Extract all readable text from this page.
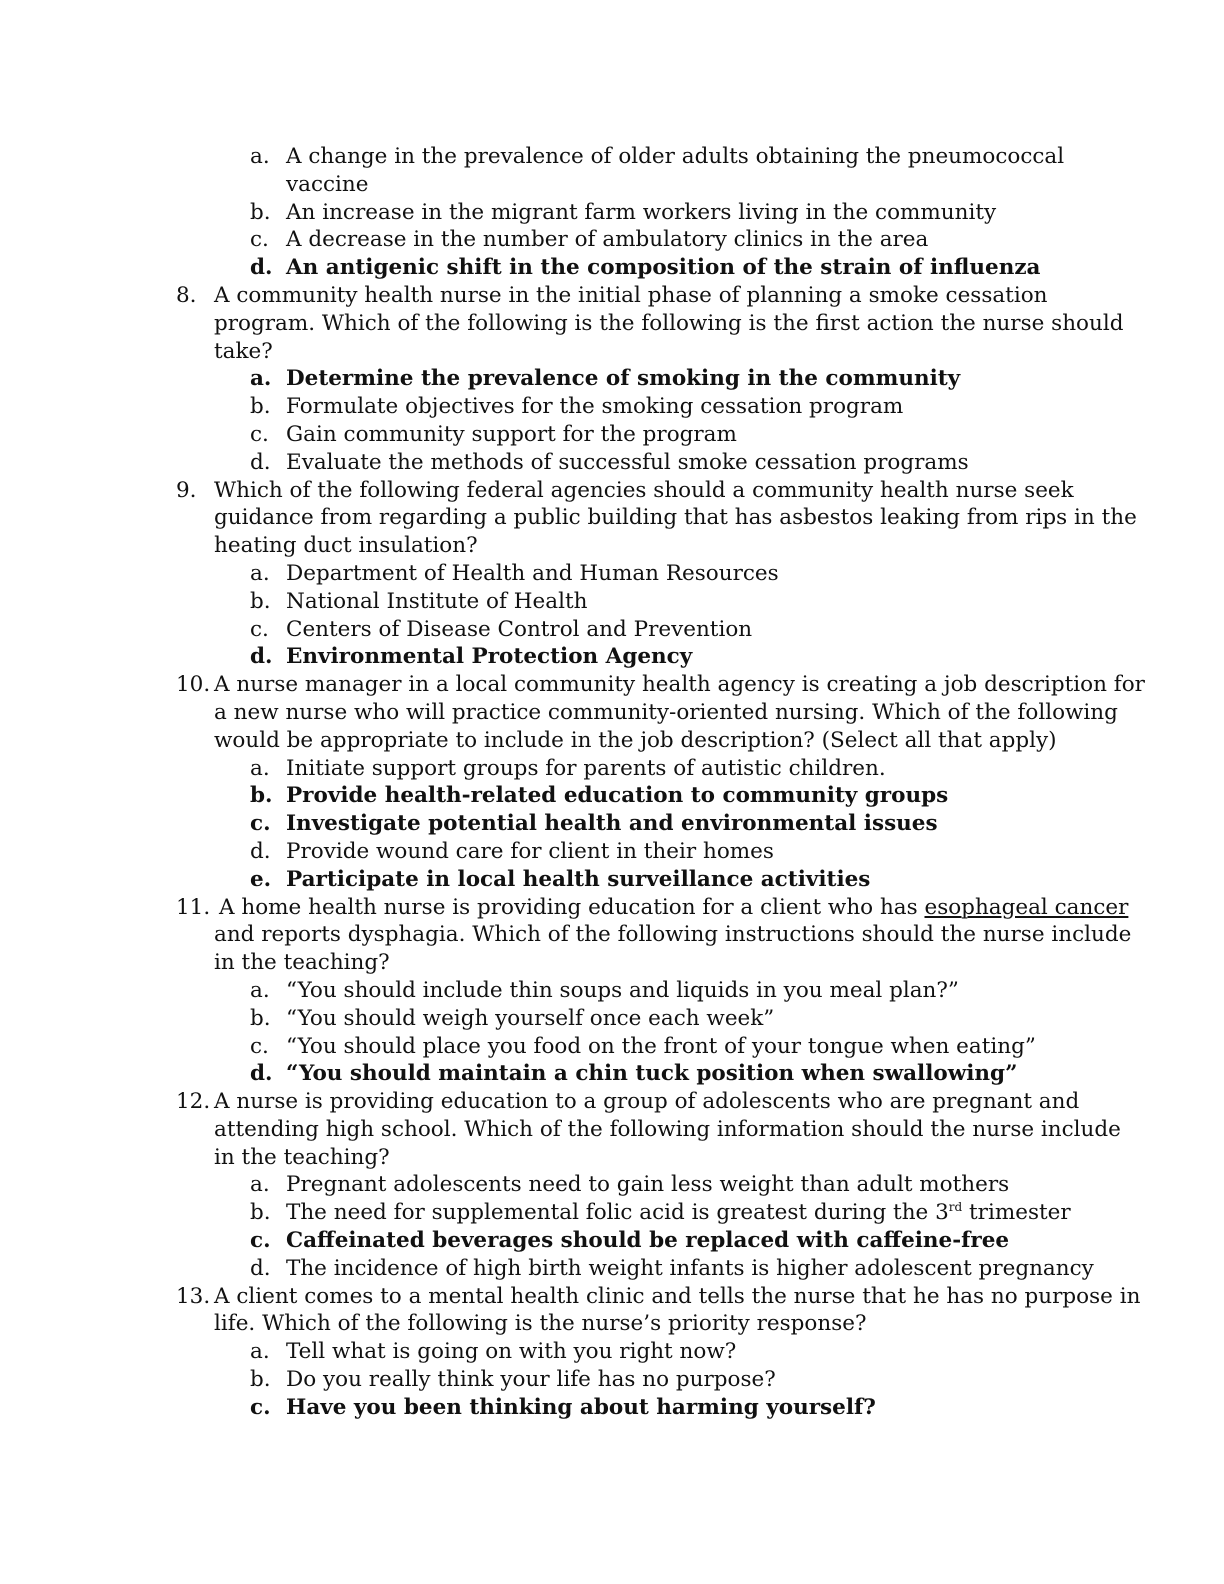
a. A change in the prevalence of older adults obtaining the pneumococcal
vaccine
b. An increase in the migrant farm workers living in the community
c. A decrease in the number of ambulatory clinics in the area
d. An antigenic shift in the composition of the strain of influenza
8. A community health nurse in the initial phase of planning a smoke cessation
program. Which of the following is the following is the first action the nurse should
take?
a. Determine the prevalence of smoking in the community
b. Formulate objectives for the smoking cessation program
c. Gain community support for the program
d. Evaluate the methods of successful smoke cessation programs
9. Which of the following federal agencies should a community health nurse seek
guidance from regarding a public building that has asbestos leaking from rips in the
heating duct insulation?
a. Department of Health and Human Resources
b. National Institute of Health
c. Centers of Disease Control and Prevention
d. Environmental Protection Agency
10. A nurse manager in a local community health agency is creating a job description for
a new nurse who will practice community-oriented nursing. Which of the following
would be appropriate to include in the job description? (Select all that apply)
a. Initiate support groups for parents of autistic children.
b. Provide health-related education to community groups
c. Investigate potential health and environmental issues
d. Provide wound care for client in their homes
e. Participate in local health surveillance activities
11. A home health nurse is providing education for a client who has esophageal cancer
and reports dysphagia. Which of the following instructions should the nurse include
in the teaching?
a. “You should include thin soups and liquids in you meal plan?”
b. “You should weigh yourself once each week”
c. “You should place you food on the front of your tongue when eating”
d. “You should maintain a chin tuck position when swallowing”
12. A nurse is providing education to a group of adolescents who are pregnant and
attending high school. Which of the following information should the nurse include
in the teaching?
a. Pregnant adolescents need to gain less weight than adult mothers
b. The need for supplemental folic acid is greatest during the 3rd trimester
c. Caffeinated beverages should be replaced with caffeine-free
d. The incidence of high birth weight infants is higher adolescent pregnancy
13. A client comes to a mental health clinic and tells the nurse that he has no purpose in
life. Which of the following is the nurse’s priority response?
a. Tell what is going on with you right now?
b. Do you really think your life has no purpose?
c. Have you been thinking about harming yourself?
